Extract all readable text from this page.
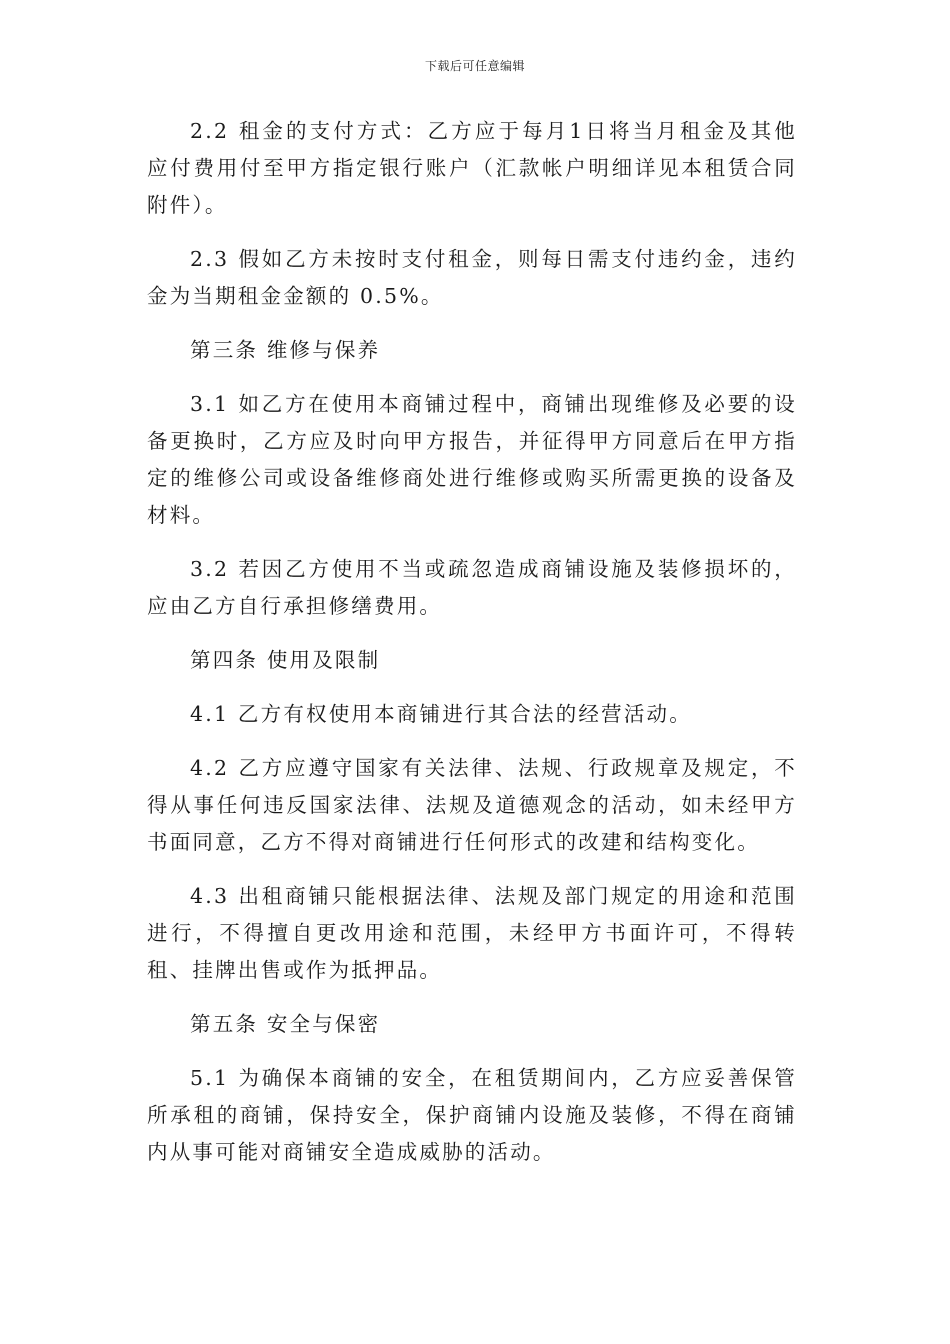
下载后可任意编辑

2.2 租金的支付方式：乙方应于每月1日将当月租金及其他应付费用付至甲方指定银行账户（汇款帐户明细详见本租赁合同附件）。

2.3 假如乙方未按时支付租金，则每日需支付违约金，违约金为当期租金金额的 0.5%。

第三条 维修与保养

3.1 如乙方在使用本商铺过程中，商铺出现维修及必要的设备更换时，乙方应及时向甲方报告，并征得甲方同意后在甲方指定的维修公司或设备维修商处进行维修或购买所需更换的设备及材料。

3.2 若因乙方使用不当或疏忽造成商铺设施及装修损坏的，应由乙方自行承担修缮费用。

第四条 使用及限制

4.1 乙方有权使用本商铺进行其合法的经营活动。

4.2 乙方应遵守国家有关法律、法规、行政规章及规定，不得从事任何违反国家法律、法规及道德观念的活动，如未经甲方书面同意，乙方不得对商铺进行任何形式的改建和结构变化。

4.3 出租商铺只能根据法律、法规及部门规定的用途和范围进行，不得擅自更改用途和范围，未经甲方书面许可，不得转租、挂牌出售或作为抵押品。

第五条 安全与保密

5.1 为确保本商铺的安全，在租赁期间内，乙方应妥善保管所承租的商铺，保持安全，保护商铺内设施及装修，不得在商铺内从事可能对商铺安全造成威胁的活动。
